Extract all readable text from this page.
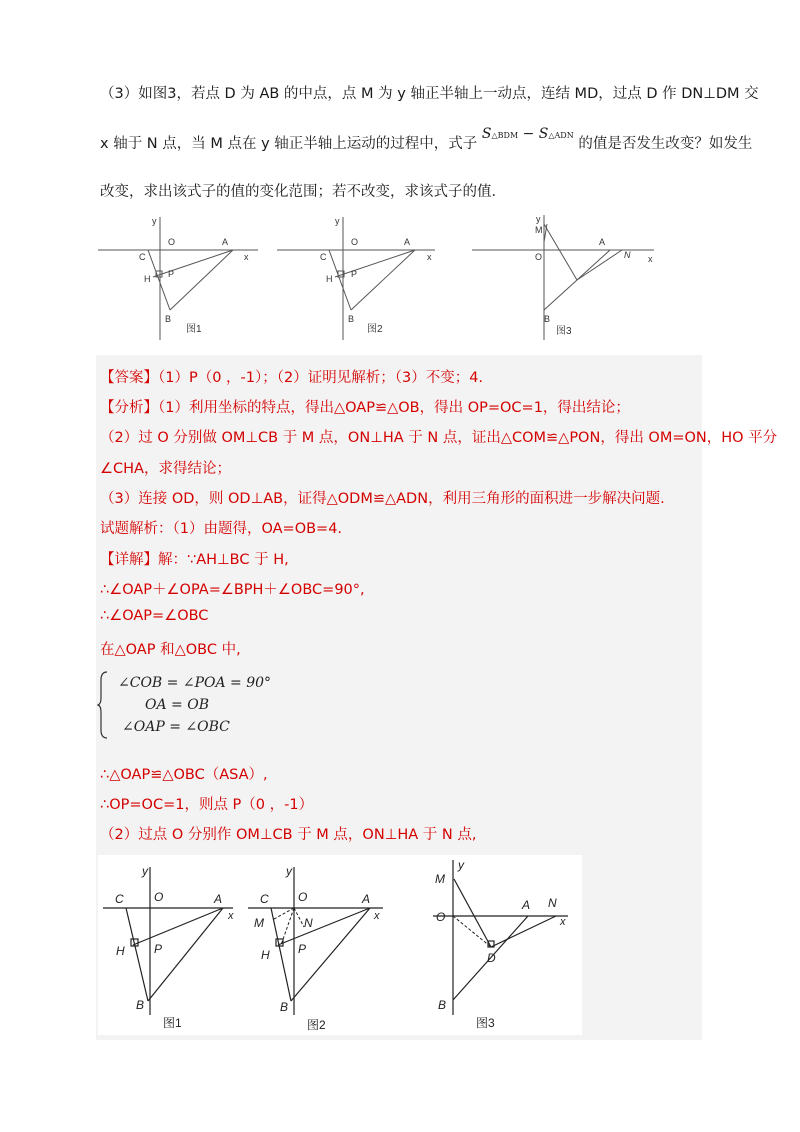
（3）如图3，若点 D 为 AB 的中点，点 M 为 y 轴正半轴上一动点，连结 MD，过点 D 作 DN⊥DM 交
x 轴于 N 点，当 M 点在 y 轴正半轴上运动的过程中，式子 S△BDM − S△ADN 的值是否发生改变？如发生
改变，求出该式子的值的变化范围；若不改变，求该式子的值．
y
O	A
x
C
H P
B
图1
y
O	A
x
C
H P
B
图2
y
M
O
A
N x
B
图3
【答案】（1）P（0 ，-1）；（2）证明见解析；（3）不变；4.
【分析】（1）利用坐标的特点，得出△OAP≌△OB，得出 OP=OC=1，得出结论；
（2）过 O 分别做 OM⊥CB 于 M 点，ON⊥HA 于 N 点，证出△COM≌△PON，得出 OM=ON，HO 平分
∠CHA，求得结论；
（3）连接 OD，则 OD⊥AB，证得△ODM≌△ADN，利用三角形的面积进一步解决问题.
试题解析：（1）由题得，OA=OB=4.
【详解】解：∵AH⊥BC 于 H,
∴∠OAP＋∠OPA=∠BPH＋∠OBC=90°,
∴∠OAP=∠OBC
在△OAP 和△OBC 中,
∠COB = ∠POA = 90°
OA = OB
∠OAP = ∠OBC
∴△OAP≌△OBC（ASA）,
∴OP=OC=1，则点 P（0 ，-1）
（2）过点 O 分别作 OM⊥CB 于 M 点，ON⊥HA 于 N 点,
y
O	A
x
C
H P
B
图1
y
O	A
x
C
M	N
H P
B
图2
y
M
O
A N
x
D
B
图3
